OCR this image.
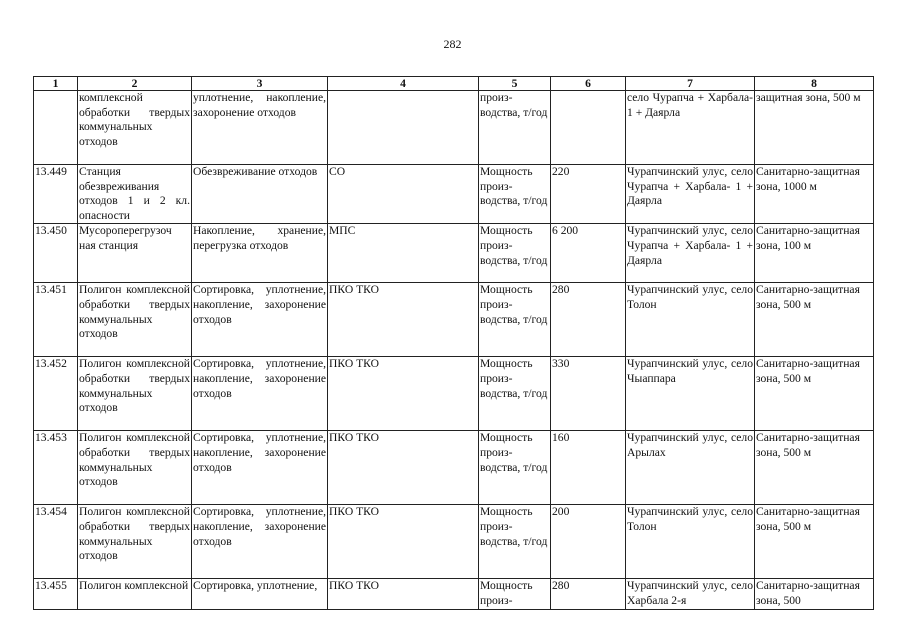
282
1	2	3	4	5	6	7	8
	комплексной обработки твердых коммунальных отходов	уплотнение, накопление, захоронение отходов		произ-водства, т/год		село Чурапча + Харбала- 1 + Даярла	защитная зона, 500 м
13.449	Станция обезвреживания отходов 1 и 2 кл. опасности	Обезвреживание отходов	СО	Мощность произ-водства, т/год	220	Чурапчинский улус, село Чурапча + Харбала- 1 + Даярла	Санитарно-защитная зона, 1000 м
13.450	Мусороперегрузоч ная станция	Накопление, хранение, перегрузка отходов	МПС	Мощность произ-водства, т/год	6 200	Чурапчинский улус, село Чурапча + Харбала- 1 + Даярла	Санитарно-защитная зона, 100 м
13.451	Полигон комплексной обработки твердых коммунальных отходов	Сортировка, уплотнение, накопление, захоронение отходов	ПКО ТКО	Мощность произ-водства, т/год	280	Чурапчинский улус, село Толон	Санитарно-защитная зона, 500 м
13.452	Полигон комплексной обработки твердых коммунальных отходов	Сортировка, уплотнение, накопление, захоронение отходов	ПКО ТКО	Мощность произ-водства, т/год	330	Чурапчинский улус, село Чыаппара	Санитарно-защитная зона, 500 м
13.453	Полигон комплексной обработки твердых коммунальных отходов	Сортировка, уплотнение, накопление, захоронение отходов	ПКО ТКО	Мощность произ-водства, т/год	160	Чурапчинский улус, село Арылах	Санитарно-защитная зона, 500 м
13.454	Полигон комплексной обработки твердых коммунальных отходов	Сортировка, уплотнение, накопление, захоронение отходов	ПКО ТКО	Мощность произ-водства, т/год	200	Чурапчинский улус, село Толон	Санитарно-защитная зона, 500 м
13.455	Полигон комплексной	Сортировка, уплотнение,	ПКО ТКО	Мощность произ-	280	Чурапчинский улус, село Харбала 2-я	Санитарно-защитная зона, 500
